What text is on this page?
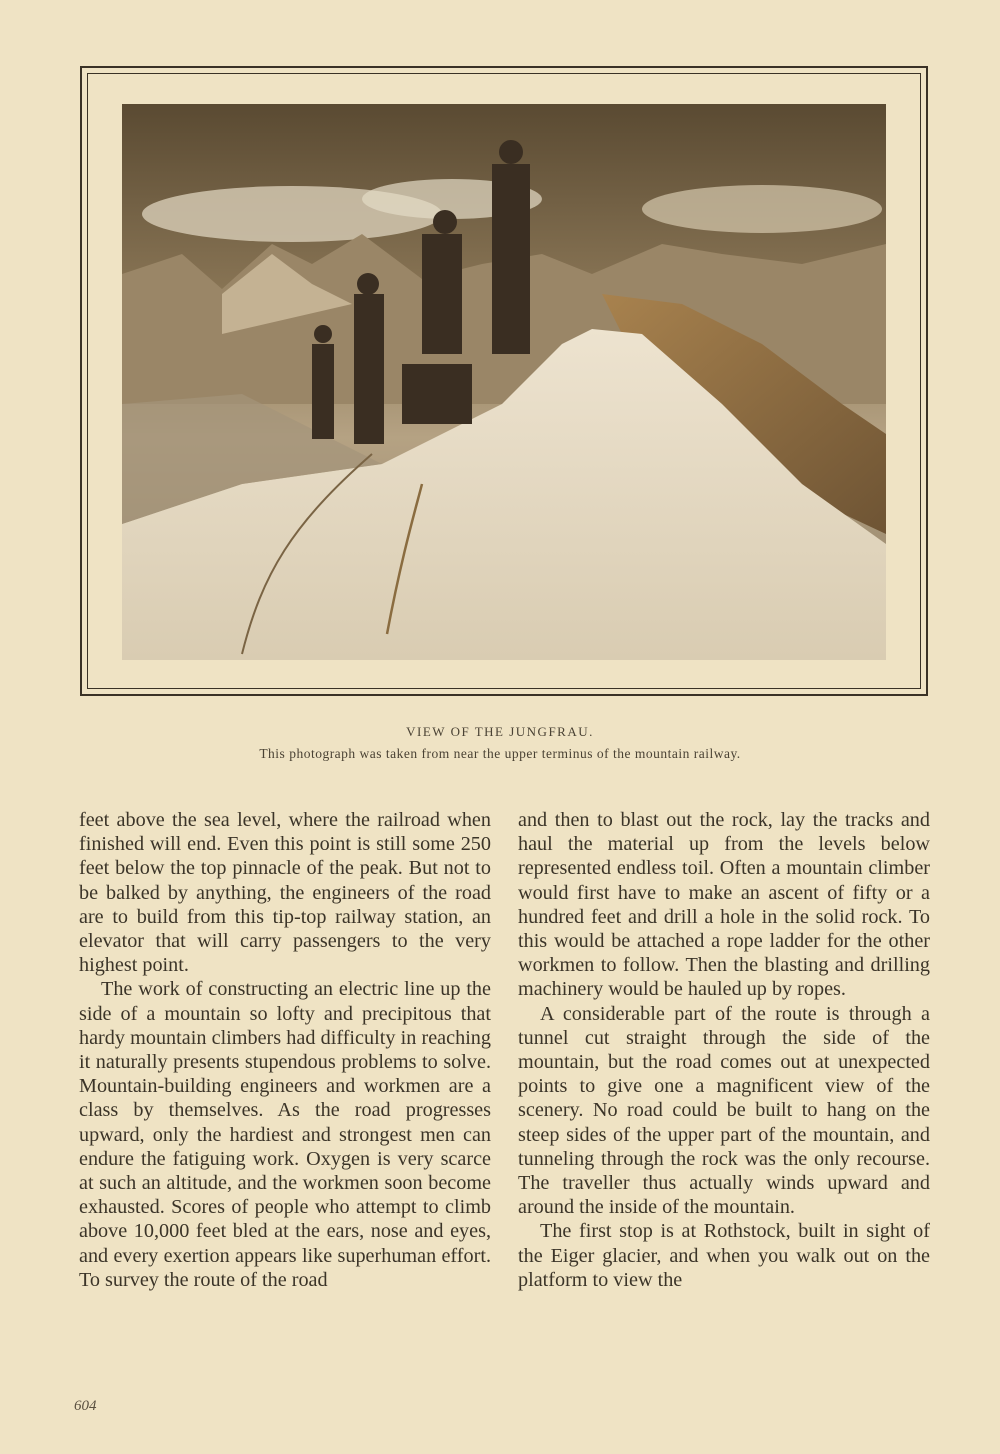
VIEW OF THE JUNGFRAU.
This photograph was taken from near the upper terminus of the mountain railway.

feet above the sea level, where the railroad when finished will end. Even this point is still some 250 feet below the top pinnacle of the peak. But not to be balked by anything, the engineers of the road are to build from this tip-top railway station, an elevator that will carry passengers to the very highest point.

The work of constructing an electric line up the side of a mountain so lofty and precipitous that hardy mountain climbers had difficulty in reaching it naturally presents stupendous problems to solve. Mountain-building engineers and workmen are a class by themselves. As the road progresses upward, only the hardiest and strongest men can endure the fatiguing work. Oxygen is very scarce at such an altitude, and the workmen soon become exhausted. Scores of people who attempt to climb above 10,000 feet bled at the ears, nose and eyes, and every exertion appears like superhuman effort. To survey the route of the road

and then to blast out the rock, lay the tracks and haul the material up from the levels below represented endless toil. Often a mountain climber would first have to make an ascent of fifty or a hundred feet and drill a hole in the solid rock. To this would be attached a rope ladder for the other workmen to follow. Then the blasting and drilling machinery would be hauled up by ropes.

A considerable part of the route is through a tunnel cut straight through the side of the mountain, but the road comes out at unexpected points to give one a magnificent view of the scenery. No road could be built to hang on the steep sides of the upper part of the mountain, and tunneling through the rock was the only recourse. The traveller thus actually winds upward and around the inside of the mountain.

The first stop is at Rothstock, built in sight of the Eiger glacier, and when you walk out on the platform to view the

604
